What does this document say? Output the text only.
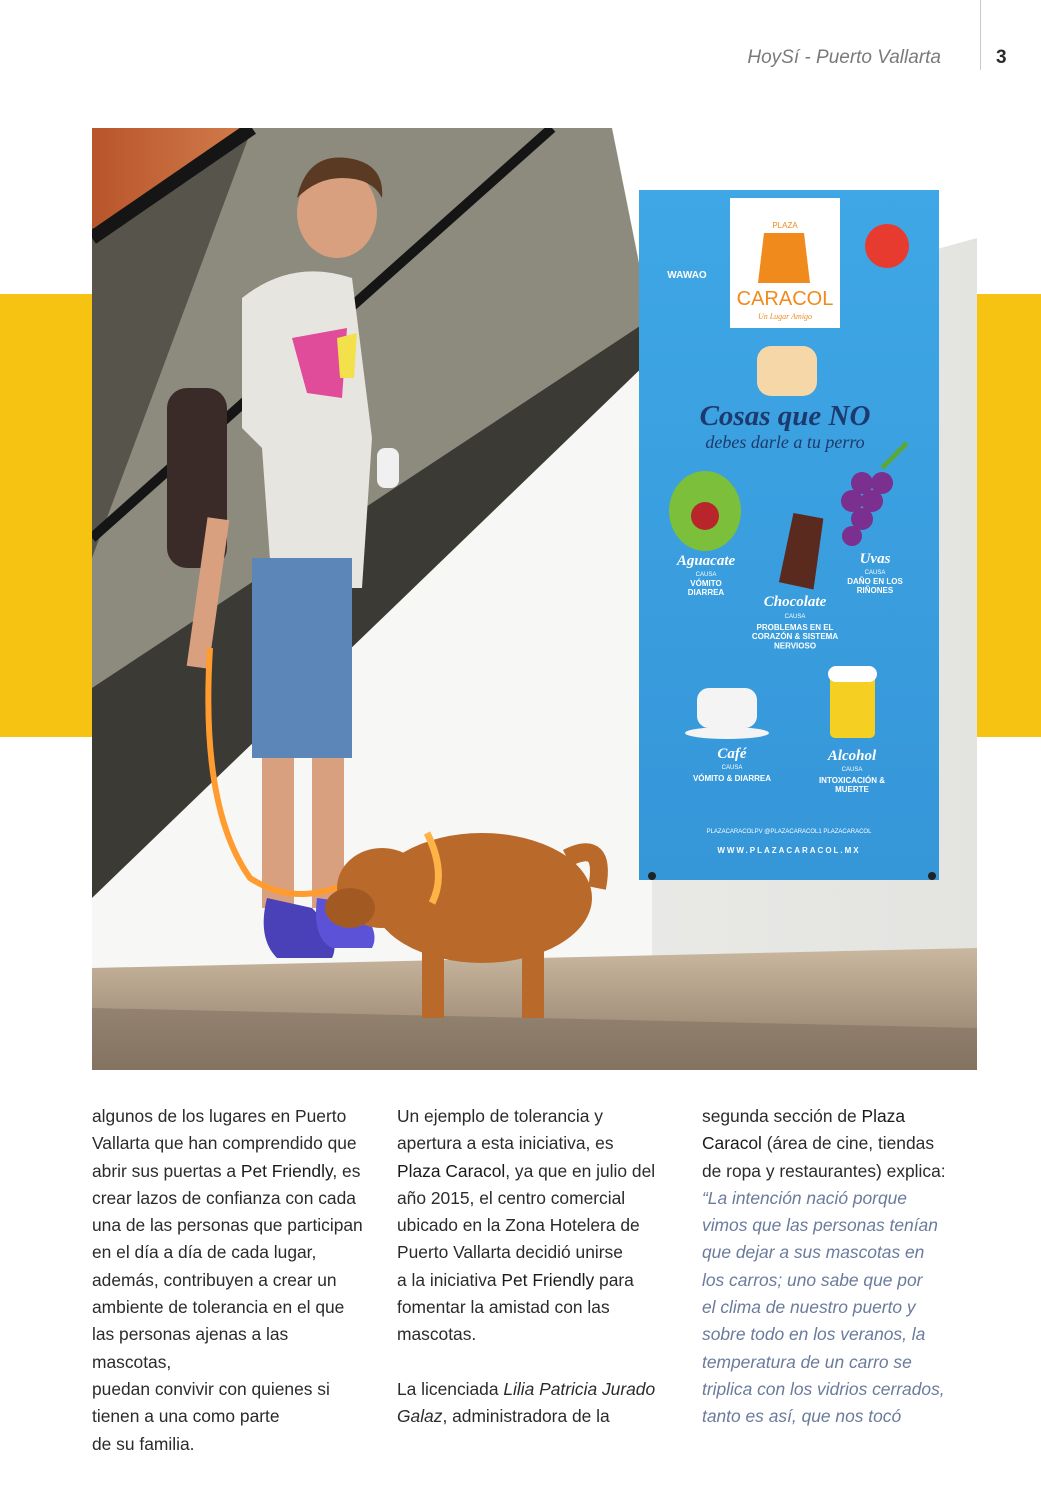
HoySí - Puerto Vallarta	3
PLAZA
CARACOL
Un Lugar Amigo
WAWAO
Cosas que NO
debes darle a tu perro
Aguacate
CAUSA
VÓMITO DIARREA
Chocolate
CAUSA
PROBLEMAS EN EL CORAZÓN & SISTEMA NERVIOSO
Uvas
CAUSA
DAÑO EN LOS RIÑONES
Café
CAUSA
VÓMITO & DIARREA
Alcohol
CAUSA
INTOXICACIÓN & MUERTE
PLAZACARACOLPV @PLAZACARACOL1 PLAZACARACOL
WWW.PLAZACARACOL.MX

algunos de los lugares en Puerto
Vallarta que han comprendido que
abrir sus puertas a Pet Friendly, es
crear lazos de confianza con cada
una de las personas que participan
en el día a día de cada lugar,
además, contribuyen a crear un
ambiente de tolerancia en el que
las personas ajenas a las mascotas,
puedan convivir con quienes si
tienen a una como parte
de su familia.

Un ejemplo de tolerancia y
apertura a esta iniciativa, es
Plaza Caracol, ya que en julio del
año 2015, el centro comercial
ubicado en la Zona Hotelera de
Puerto Vallarta decidió unirse
a la iniciativa Pet Friendly para
fomentar la amistad con las
mascotas.

La licenciada Lilia Patricia Jurado
Galaz, administradora de la

segunda sección de Plaza
Caracol (área de cine, tiendas
de ropa y restaurantes) explica:
“La intención nació porque
vimos que las personas tenían
que dejar a sus mascotas en
los carros; uno sabe que por
el clima de nuestro puerto y
sobre todo en los veranos, la
temperatura de un carro se
triplica con los vidrios cerrados,
tanto es así, que nos tocó
